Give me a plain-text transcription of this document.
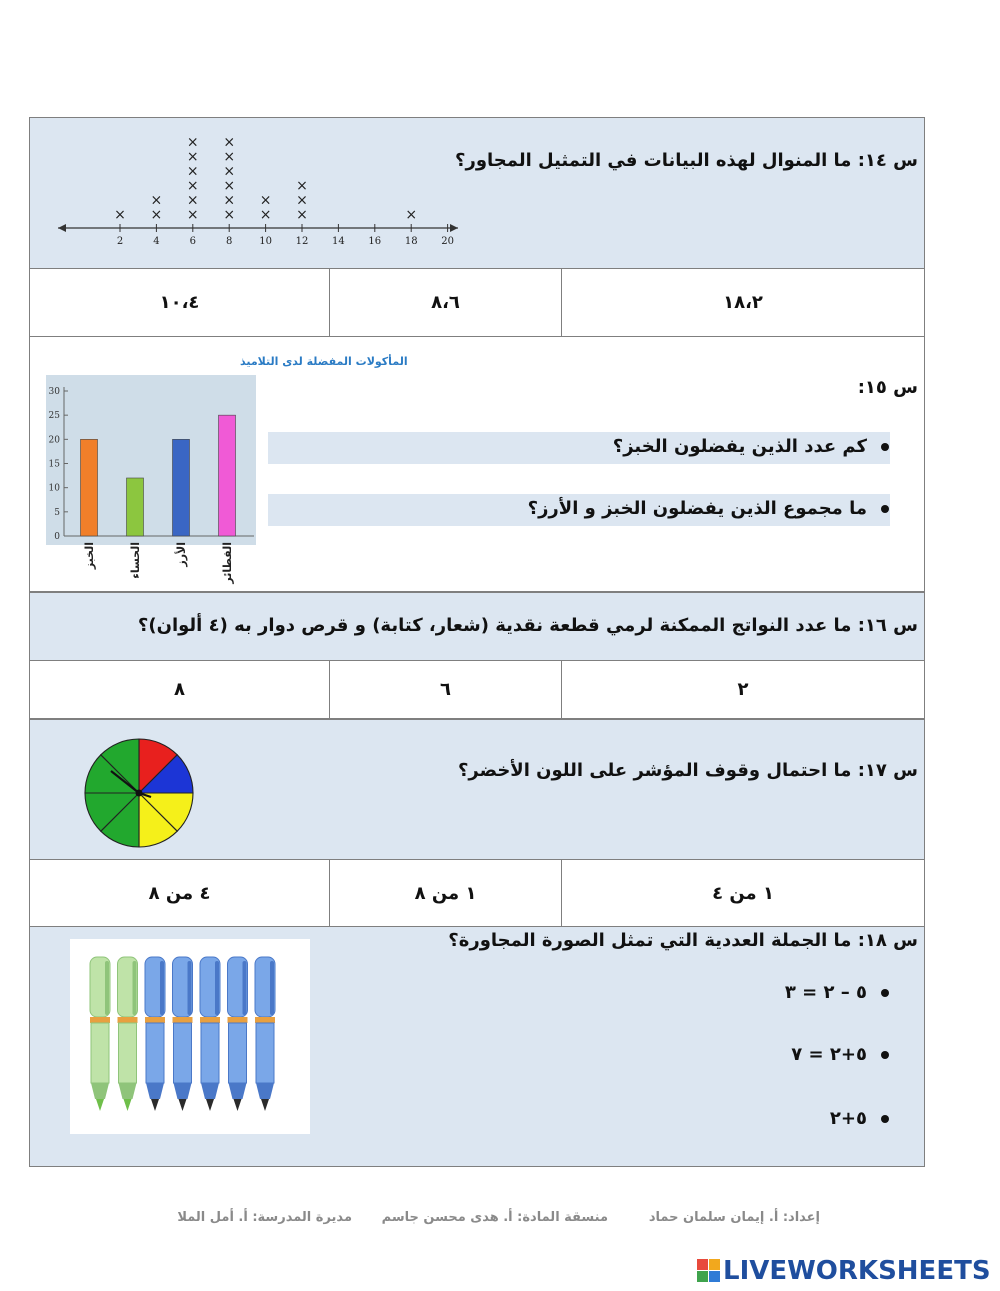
س ١٤: ما المنوال لهذه البيانات في التمثيل المجاور؟
2	4	6	8	10 12 14 16 18 20
× ×
×
×
×
×
×
×
×
×
×
×
×
×
×
×
×
×
×
×
×
١٠،٤	٨،٦	١٨،٢
س ١٥:
كم عدد الذين يفضلون الخبز؟
ما مجموع الذين يفضلون الخبز و الأرز؟
المأكولات المفضلة لدى التلاميذ
0
5
10
15
20
25
30
الخبز	الحساء	الأرز	الفطائر
س ١٦: ما عدد النواتج الممكنة لرمي قطعة نقدية (شعار، كتابة) و قرص دوار به (٤ ألوان)؟
٨	٦	٢
س ١٧: ما احتمال وقوف المؤشر على اللون الأخضر؟
٤ من ٨	١ من ٨	١ من ٤
س ١٨: ما الجملة العددية التي تمثل الصورة المجاورة؟
٥ – ٢ = ٣
٥+٢ = ٧
٥+٢
إعداد: أ. إيمان سلمان حماد
منسقة المادة: أ. هدى محسن جاسم
مديرة المدرسة: أ. أمل الملا
LIVEWORKSHEETS
